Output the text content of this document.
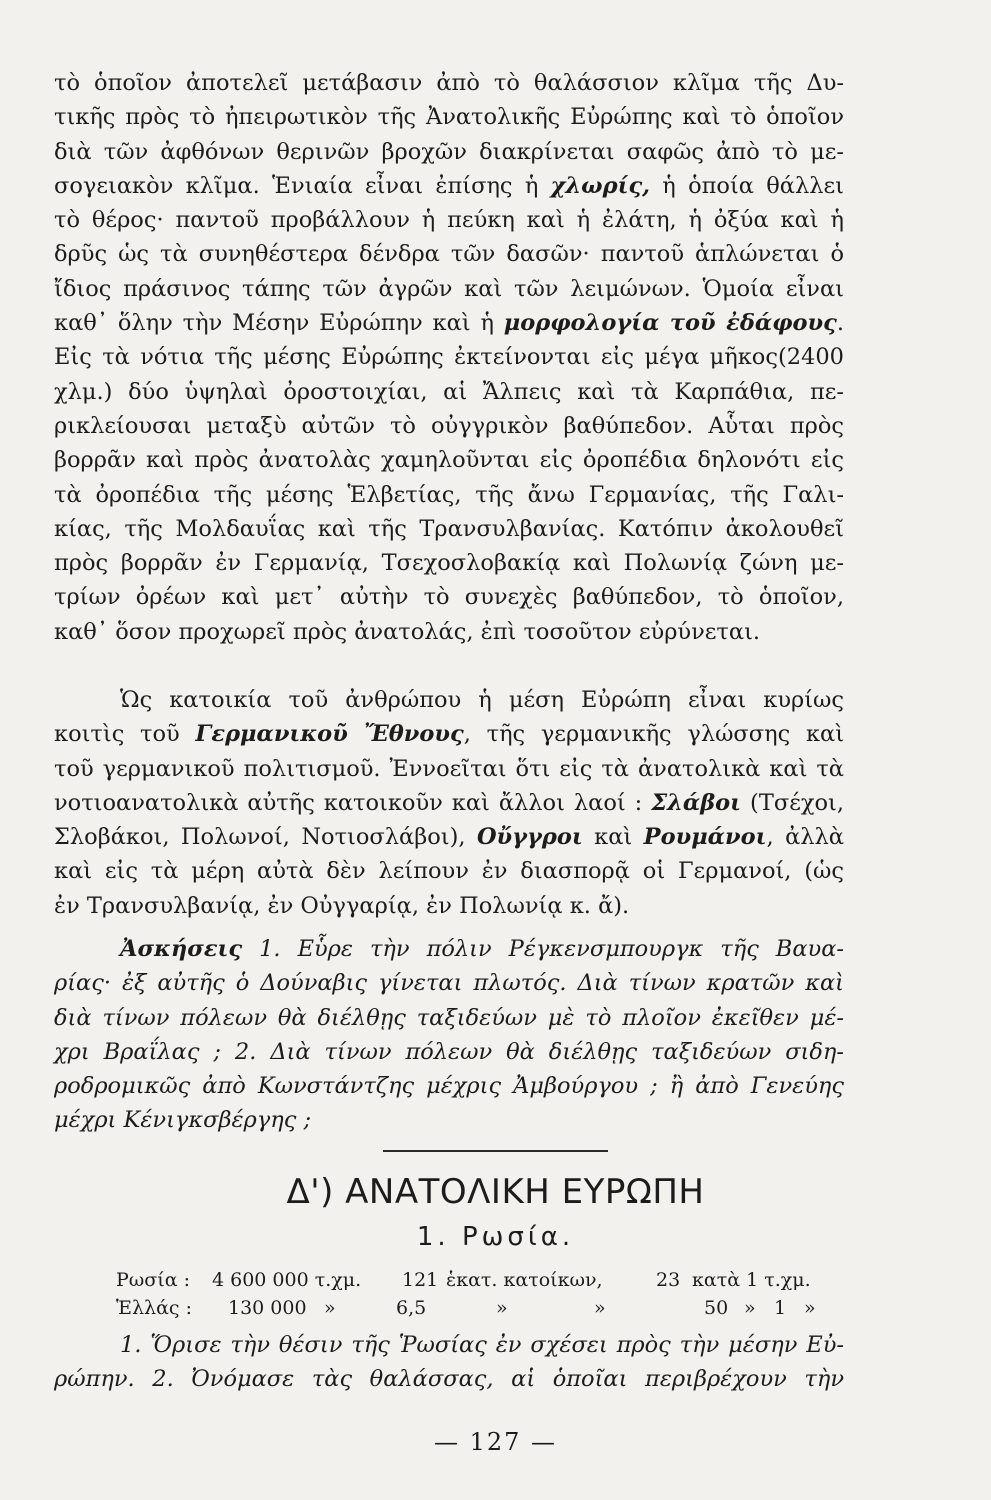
τὸ ὁποῖον ἀποτελεῖ μετάβασιν ἀπὸ τὸ θαλάσσιον κλῖμα τῆς Δυ-
τικῆς πρὸς τὸ ἠπειρωτικὸν τῆς Ἀνατολικῆς Εὐρώπης καὶ τὸ ὁποῖον
διὰ τῶν ἀφθόνων θερινῶν βροχῶν διακρίνεται σαφῶς ἀπὸ τὸ με-
σογειακὸν κλῖμα. Ἑνιαία εἶναι ἐπίσης ἡ χλωρίς, ἡ ὁποία θάλλει
τὸ θέρος· παντοῦ προβάλλουν ἡ πεύκη καὶ ἡ ἐλάτη, ἡ ὀξύα καὶ ἡ
δρῦς ὡς τὰ συνηθέστερα δένδρα τῶν δασῶν· παντοῦ ἁπλώνεται ὁ
ἴδιος πράσινος τάπης τῶν ἀγρῶν καὶ τῶν λειμώνων. Ὁμοία εἶναι
καθ᾿ ὅλην τὴν Μέσην Εὐρώπην καὶ ἡ μορφολογία τοῦ ἐδάφους.
Εἰς τὰ νότια τῆς μέσης Εὐρώπης ἐκτείνονται εἰς μέγα μῆκος(2400
χλμ.) δύο ὑψηλαὶ ὀροστοιχίαι, αἱ Ἄλπεις καὶ τὰ Καρπάθια, πε-
ρικλείουσαι μεταξὺ αὐτῶν τὸ οὐγγρικὸν βαθύπεδον. Αὗται πρὸς
βορρᾶν καὶ πρὸς ἀνατολὰς χαμηλοῦνται εἰς ὀροπέδια δηλονότι εἰς
τὰ ὀροπέδια τῆς μέσης Ἑλβετίας, τῆς ἄνω Γερμανίας, τῆς Γαλι-
κίας, τῆς Μολδαυΐας καὶ τῆς Τρανσυλβανίας. Κατόπιν ἀκολουθεῖ
πρὸς βορρᾶν ἐν Γερμανίᾳ, Τσεχοσλοβακίᾳ καὶ Πολωνίᾳ ζώνη με-
τρίων ὀρέων καὶ μετ᾿ αὐτὴν τὸ συνεχὲς βαθύπεδον, τὸ ὁποῖον,
καθ᾿ ὅσον προχωρεῖ πρὸς ἀνατολάς, ἐπὶ τοσοῦτον εὐρύνεται.
Ὡς κατοικία τοῦ ἀνθρώπου ἡ μέση Εὐρώπη εἶναι κυρίως
κοιτὶς τοῦ Γερμανικοῦ Ἔθνους, τῆς γερμανικῆς γλώσσης καὶ
τοῦ γερμανικοῦ πολιτισμοῦ. Ἐννοεῖται ὅτι εἰς τὰ ἀνατολικὰ καὶ τὰ
νοτιοανατολικὰ αὐτῆς κατοικοῦν καὶ ἄλλοι λαοί : Σλάβοι (Τσέχοι,
Σλοβάκοι, Πολωνοί, Νοτιοσλάβοι), Οὔγγροι καὶ Ρουμάνοι, ἀλλὰ
καὶ εἰς τὰ μέρη αὐτὰ δὲν λείπουν ἐν διασπορᾷ οἱ Γερμανοί, (ὡς
ἐν Τρανσυλβανίᾳ, ἐν Οὐγγαρίᾳ, ἐν Πολωνίᾳ κ. ἄ).
Ἀσκήσεις 1. Εὗρε τὴν πόλιν Ρέγκενσμπουργκ τῆς Βαυα-
ρίας· ἐξ αὐτῆς ὁ Δούναβις γίνεται πλωτός. Διὰ τίνων κρατῶν καὶ
διὰ τίνων πόλεων θὰ διέλθῃς ταξιδεύων μὲ τὸ πλοῖον ἐκεῖθεν μέ-
χρι Βραΐλας ; 2. Διὰ τίνων πόλεων θὰ διέλθῃς ταξιδεύων σιδη-
ροδρομικῶς ἀπὸ Κωνστάντζης μέχρις Ἀμβούργου ; ἢ ἀπὸ Γενεύης
μέχρι Κένιγκσβέργης ;
Δ') ΑΝΑΤΟΛΙΚΗ ΕΥΡΩΠΗ
1. Ρωσία.
Ρωσία : 4 600 000 τ.χμ. 121 ἑκατ. κατοίκων,	23 κατὰ 1 τ.χμ.
Ἑλλάς : 130 000 »	6,5	»	»	50 » 1 »
1. Ὅρισε τὴν θέσιν τῆς Ῥωσίας ἐν σχέσει πρὸς τὴν μέσην Εὐ-
ρώπην. 2. Ὀνόμασε τὰς θαλάσσας, αἱ ὁποῖαι περιβρέχουν τὴν
— 127 —
